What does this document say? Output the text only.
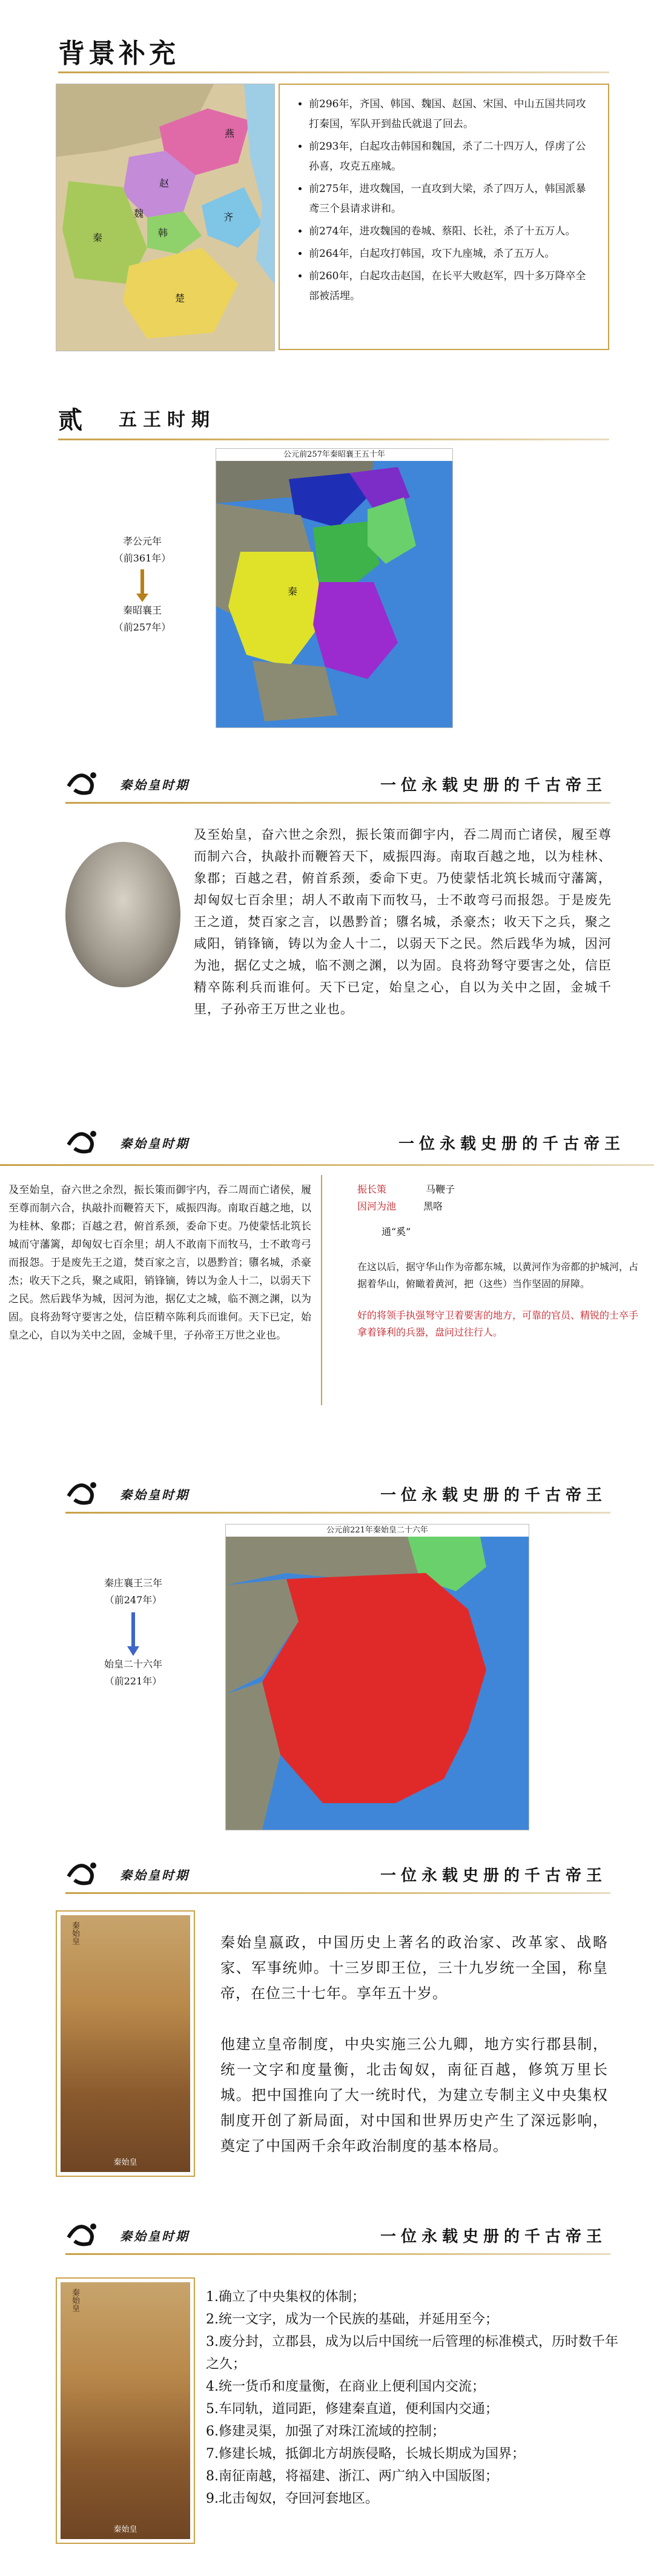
背景补充
燕
赵
韩
魏
秦
楚
齐
• 前296年，齐国、韩国、魏国、赵国、宋国、中山五国共同攻打秦国，军队开到盐氏就退了回去。
• 前293年，白起攻击韩国和魏国，杀了二十四万人，俘虏了公孙喜，攻克五座城。
• 前275年，进攻魏国，一直攻到大梁，杀了四万人，韩国派暴鸢三个县请求讲和。
• 前274年，进攻魏国的卷城、蔡阳、长社，杀了十五万人。
• 前264年，白起攻打韩国，攻下九座城，杀了五万人。
• 前260年，白起攻击赵国，在长平大败赵军，四十多万降卒全部被活埋。
贰 五王时期
孝公元年
（前361年）
秦昭襄王
（前257年）
公元前257年秦昭襄王五十年
秦
秦始皇时期	一位永载史册的千古帝王
及至始皇，奋六世之余烈，振长策而御宇内，吞二周而亡诸侯，履至尊而制六合，执敲扑而鞭笞天下，威振四海。南取百越之地，以为桂林、象郡；百越之君，俯首系颈，委命下吏。乃使蒙恬北筑长城而守藩篱，却匈奴七百余里；胡人不敢南下而牧马，士不敢弯弓而报怨。于是废先王之道，焚百家之言，以愚黔首；隳名城，杀豪杰；收天下之兵，聚之咸阳，销锋镝，铸以为金人十二，以弱天下之民。然后践华为城，因河为池，据亿丈之城，临不测之渊，以为固。良将劲弩守要害之处，信臣精卒陈利兵而谁何。天下已定，始皇之心，自以为关中之固，金城千里，子孙帝王万世之业也。
秦始皇时期	一位永载史册的千古帝王
及至始皇，奋六世之余烈，振长策而御宇内，吞二周而亡诸侯，履至尊而制六合，执敲扑而鞭笞天下，威振四海。南取百越之地，以为桂林、象郡；百越之君，俯首系颈，委命下吏。乃使蒙恬北筑长城而守藩篱，却匈奴七百余里；胡人不敢南下而牧马，士不敢弯弓而报怨。于是废先王之道，焚百家之言，以愚黔首；隳名城，杀豪杰；收天下之兵，聚之咸阳，销锋镝，铸以为金人十二，以弱天下之民。然后践华为城，因河为池，据亿丈之城，临不测之渊，以为固。良将劲弩守要害之处，信臣精卒陈利兵而谁何。天下已定，始皇之心，自以为关中之固，金城千里，子孙帝王万世之业也。
振长策	马鞭子
因河为池	黑咯
通“奚”
在这以后，据守华山作为帝都东城，以黄河作为帝都的护城河，占据着华山，俯瞰着黄河，把（这些）当作坚固的屏障。
好的将领手执强弩守卫着要害的地方，可靠的官员、精锐的士卒手拿着锋利的兵器，盘问过往行人。
秦始皇时期	一位永载史册的千古帝王
秦庄襄王三年
（前247年）
始皇二十六年
（前221年）
公元前221年秦始皇二十六年
秦始皇时期	一位永载史册的千古帝王
秦始皇
秦始皇
秦始皇嬴政，中国历史上著名的政治家、改革家、战略家、军事统帅。十三岁即王位，三十九岁统一全国，称皇帝，在位三十七年。享年五十岁。
他建立皇帝制度，中央实施三公九卿，地方实行郡县制，统一文字和度量衡，北击匈奴，南征百越，修筑万里长城。把中国推向了大一统时代，为建立专制主义中央集权制度开创了新局面，对中国和世界历史产生了深远影响，奠定了中国两千余年政治制度的基本格局。
秦始皇时期	一位永载史册的千古帝王
秦始皇
秦始皇
1.确立了中央集权的体制；
2.统一文字，成为一个民族的基础，并延用至今；
3.废分封，立郡县，成为以后中国统一后管理的标准模式，历时数千年之久；
4.统一货币和度量衡，在商业上便利国内交流；
5.车同轨，道同距，修建秦直道，便利国内交通；
6.修建灵渠，加强了对珠江流域的控制；
7.修建长城，抵御北方胡族侵略，长城长期成为国界；
8.南征南越，将福建、浙江、两广纳入中国版图；
9.北击匈奴，夺回河套地区。
